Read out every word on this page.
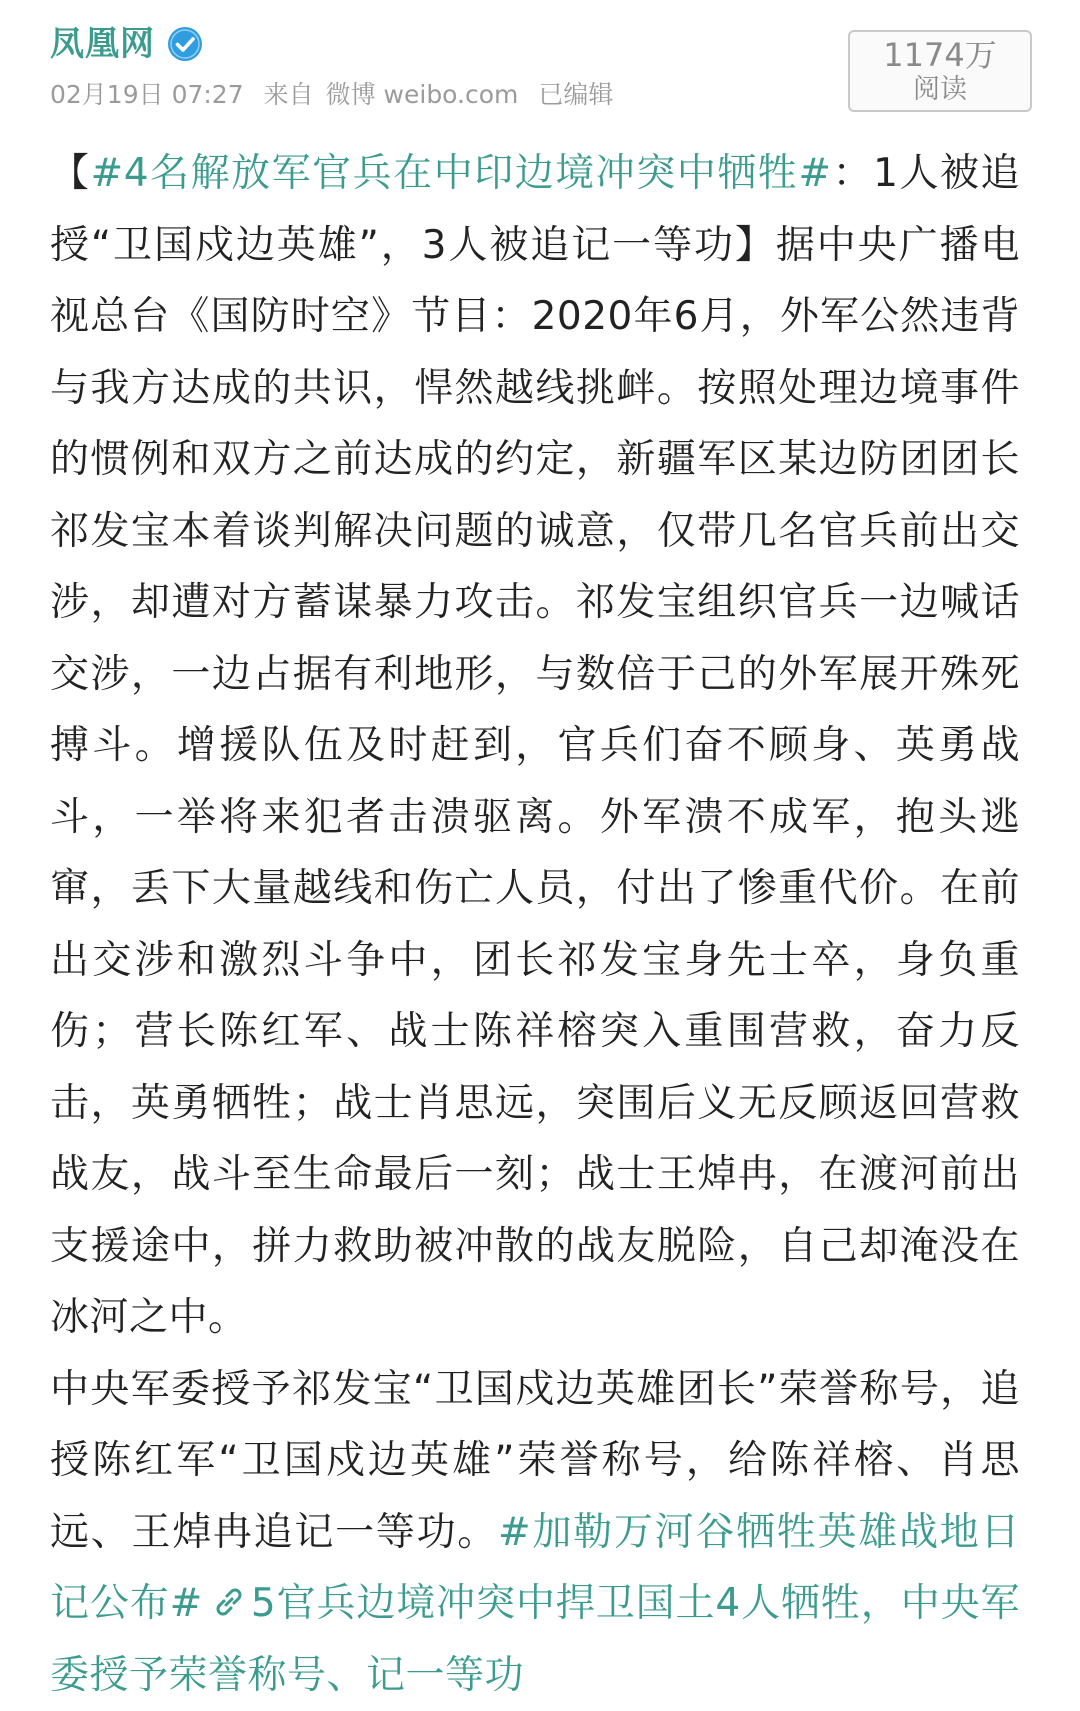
凤凰网
02月19日 07:27 来自 微博 weibo.com 已编辑
1174万
阅读

【#4名解放军官兵在中印边境冲突中牺牲#：1人被追授“卫国戍边英雄”，3人被追记一等功】据中央广播电视总台《国防时空》节目：2020年6月，外军公然违背与我方达成的共识，悍然越线挑衅。按照处理边境事件的惯例和双方之前达成的约定，新疆军区某边防团团长祁发宝本着谈判解决问题的诚意，仅带几名官兵前出交涉，却遭对方蓄谋暴力攻击。祁发宝组织官兵一边喊话交涉，一边占据有利地形，与数倍于己的外军展开殊死搏斗。增援队伍及时赶到，官兵们奋不顾身、英勇战斗，一举将来犯者击溃驱离。外军溃不成军，抱头逃窜，丢下大量越线和伤亡人员，付出了惨重代价。在前出交涉和激烈斗争中，团长祁发宝身先士卒，身负重伤；营长陈红军、战士陈祥榕突入重围营救，奋力反击，英勇牺牲；战士肖思远，突围后义无反顾返回营救战友，战斗至生命最后一刻；战士王焯冉，在渡河前出支援途中，拼力救助被冲散的战友脱险，自己却淹没在冰河之中。

中央军委授予祁发宝“卫国戍边英雄团长”荣誉称号，追授陈红军“卫国戍边英雄”荣誉称号，给陈祥榕、肖思远、王焯冉追记一等功。#加勒万河谷牺牲英雄战地日记公布# 5官兵边境冲突中捍卫国土4人牺牲，中央军委授予荣誉称号、记一等功
